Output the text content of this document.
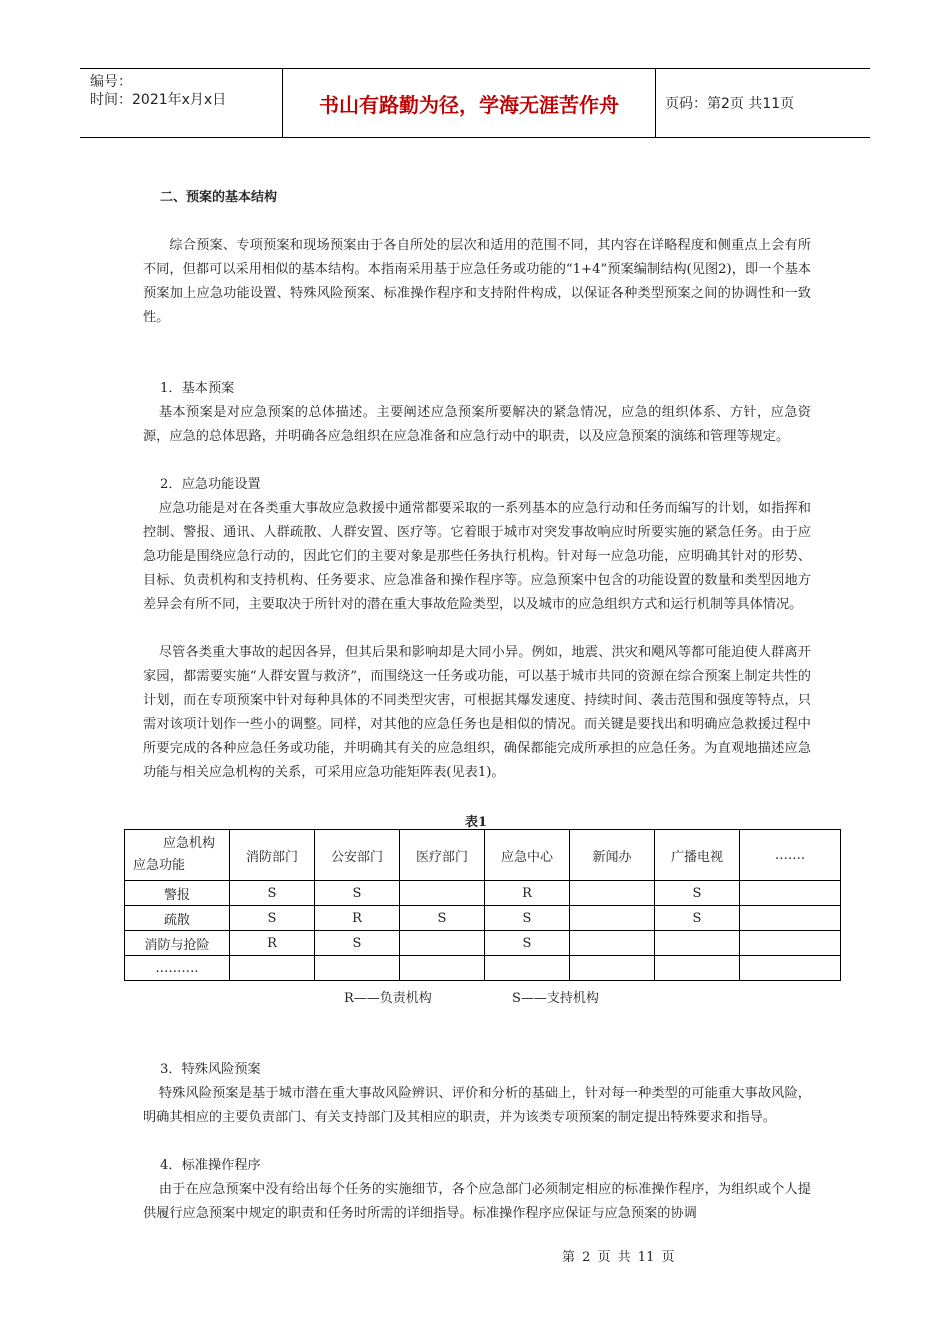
编号：
时间：2021年x月x日	书山有路勤为径，学海无涯苦作舟	页码：第2页 共11页
二、预案的基本结构
综合预案、专项预案和现场预案由于各自所处的层次和适用的范围不同，其内容在详略程度和侧重点上会有所不同，但都可以采用相似的基本结构。本指南采用基于应急任务或功能的“1+4”预案编制结构(见图2)，即一个基本预案加上应急功能设置、特殊风险预案、标准操作程序和支持附件构成，以保证各种类型预案之间的协调性和一致性。
1．基本预案
基本预案是对应急预案的总体描述。主要阐述应急预案所要解决的紧急情况，应急的组织体系、方针，应急资源，应急的总体思路，并明确各应急组织在应急准备和应急行动中的职责，以及应急预案的演练和管理等规定。
2．应急功能设置
应急功能是对在各类重大事故应急救援中通常都要采取的一系列基本的应急行动和任务而编写的计划，如指挥和控制、警报、通讯、人群疏散、人群安置、医疗等。它着眼于城市对突发事故响应时所要实施的紧急任务。由于应急功能是围绕应急行动的，因此它们的主要对象是那些任务执行机构。针对每一应急功能，应明确其针对的形势、目标、负责机构和支持机构、任务要求、应急准备和操作程序等。应急预案中包含的功能设置的数量和类型因地方差异会有所不同，主要取决于所针对的潜在重大事故危险类型，以及城市的应急组织方式和运行机制等具体情况。
尽管各类重大事故的起因各异，但其后果和影响却是大同小异。例如，地震、洪灾和飓风等都可能迫使人群离开家园，都需要实施“人群安置与救济”，而围绕这一任务或功能，可以基于城市共同的资源在综合预案上制定共性的计划，而在专项预案中针对每种具体的不同类型灾害，可根据其爆发速度、持续时间、袭击范围和强度等特点，只需对该项计划作一些小的调整。同样，对其他的应急任务也是相似的情况。而关键是要找出和明确应急救援过程中所要完成的各种应急任务或功能，并明确其有关的应急组织，确保都能完成所承担的应急任务。为直观地描述应急功能与相关应急机构的关系，可采用应急功能矩阵表(见表1)。
表1
应急机构
应急功能	消防部门	公安部门	医疗部门	应急中心	新闻办	广播电视	…….
警报	S	S		R		S	
疏散	S	R	S	S		S	
消防与抢险	R	S		S			
……….							
R——负责机构	S——支持机构
3．特殊风险预案
特殊风险预案是基于城市潜在重大事故风险辨识、评价和分析的基础上，针对每一种类型的可能重大事故风险，明确其相应的主要负责部门、有关支持部门及其相应的职责，并为该类专项预案的制定提出特殊要求和指导。
4．标准操作程序
由于在应急预案中没有给出每个任务的实施细节，各个应急部门必须制定相应的标准操作程序，为组织或个人提供履行应急预案中规定的职责和任务时所需的详细指导。标准操作程序应保证与应急预案的协调
第 2 页 共 11 页
